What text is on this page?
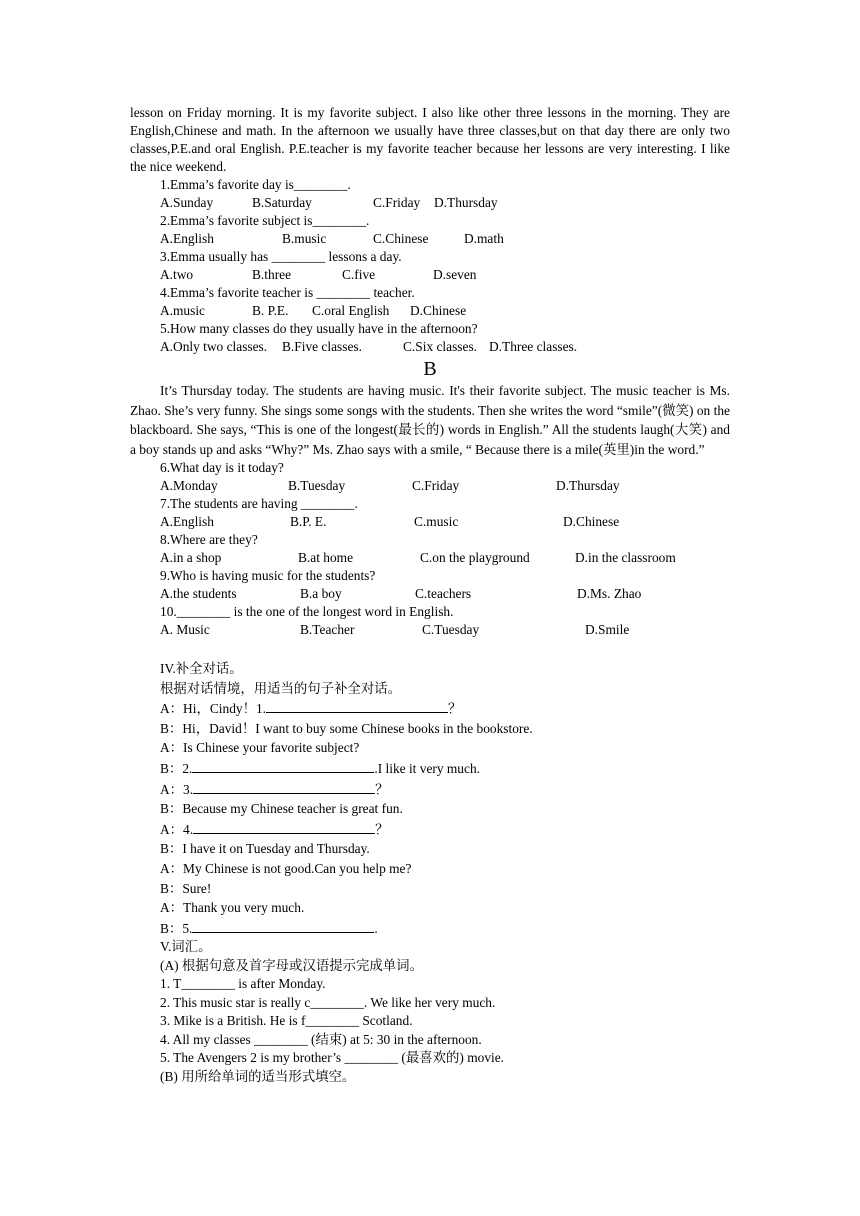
lesson on Friday morning. It is my favorite subject. I also like other three lessons in the morning. They are English,Chinese and math. In the afternoon we usually have three classes,but on that day there are only two classes,P.E.and oral English. P.E.teacher is my favorite teacher because her lessons are very interesting. I like the nice weekend.

1.Emma’s favorite day is________.

A.Sunday	B.Saturday	C.Friday D.Thursday

2.Emma’s favorite subject is________.

A.English	B.music	C.Chinese	D.math

3.Emma usually has ________ lessons a day.

A.two	B.three	C.five	D.seven

4.Emma’s favorite teacher is ________ teacher.

A.music	B. P.E. C.oral English D.Chinese

5.How many classes do they usually have in the afternoon?

A.Only two classes. B.Five classes.	C.Six classes. D.Three classes.

B

It’s Thursday today. The students are having music. It's their favorite subject. The music teacher is Ms. Zhao. She’s very funny. She sings some songs with the students. Then she writes the word “smile”(微笑) on the blackboard. She says, “This is one of the longest(最长的) words in English.” All the students laugh(大笑) and a boy stands up and asks “Why?” Ms. Zhao says with a smile, “ Because there is a mile(英里)in the word.”

6.What day is it today?

A.Monday	B.Tuesday	C.Friday	D.Thursday

7.The students are having ________.

A.English	B.P. E.	C.music	D.Chinese

8.Where are they?

A.in a shop	B.at home	C.on the playground	D.in the classroom

9.Who is having music for the students?

A.the students	B.a boy	C.teachers	D.Ms. Zhao

10.________ is the one of the longest word in English.

A. Music	B.Teacher	C.Tuesday	D.Smile

IV.补全对话。

根据对话情境，用适当的句子补全对话。

A：Hi，Cindy！1.	？

B：Hi，David！I want to buy some Chinese books in the bookstore.

A：Is Chinese your favorite subject?

B：2.	.I like it very much.

A：3.	？

B：Because my Chinese teacher is great fun.

A：4.	？

B：I have it on Tuesday and Thursday.

A：My Chinese is not good.Can you help me?

B：Sure!

A：Thank you very much.

B：5.	.

V.词汇。

(A) 根据句意及首字母或汉语提示完成单词。

1. T________ is after Monday.

2. This music star is really c________. We like her very much.

3. Mike is a British. He is f________ Scotland.

4. All my classes ________ (结束) at 5: 30 in the afternoon.

5. The Avengers 2 is my brother’s ________ (最喜欢的) movie.

(B) 用所给单词的适当形式填空。
